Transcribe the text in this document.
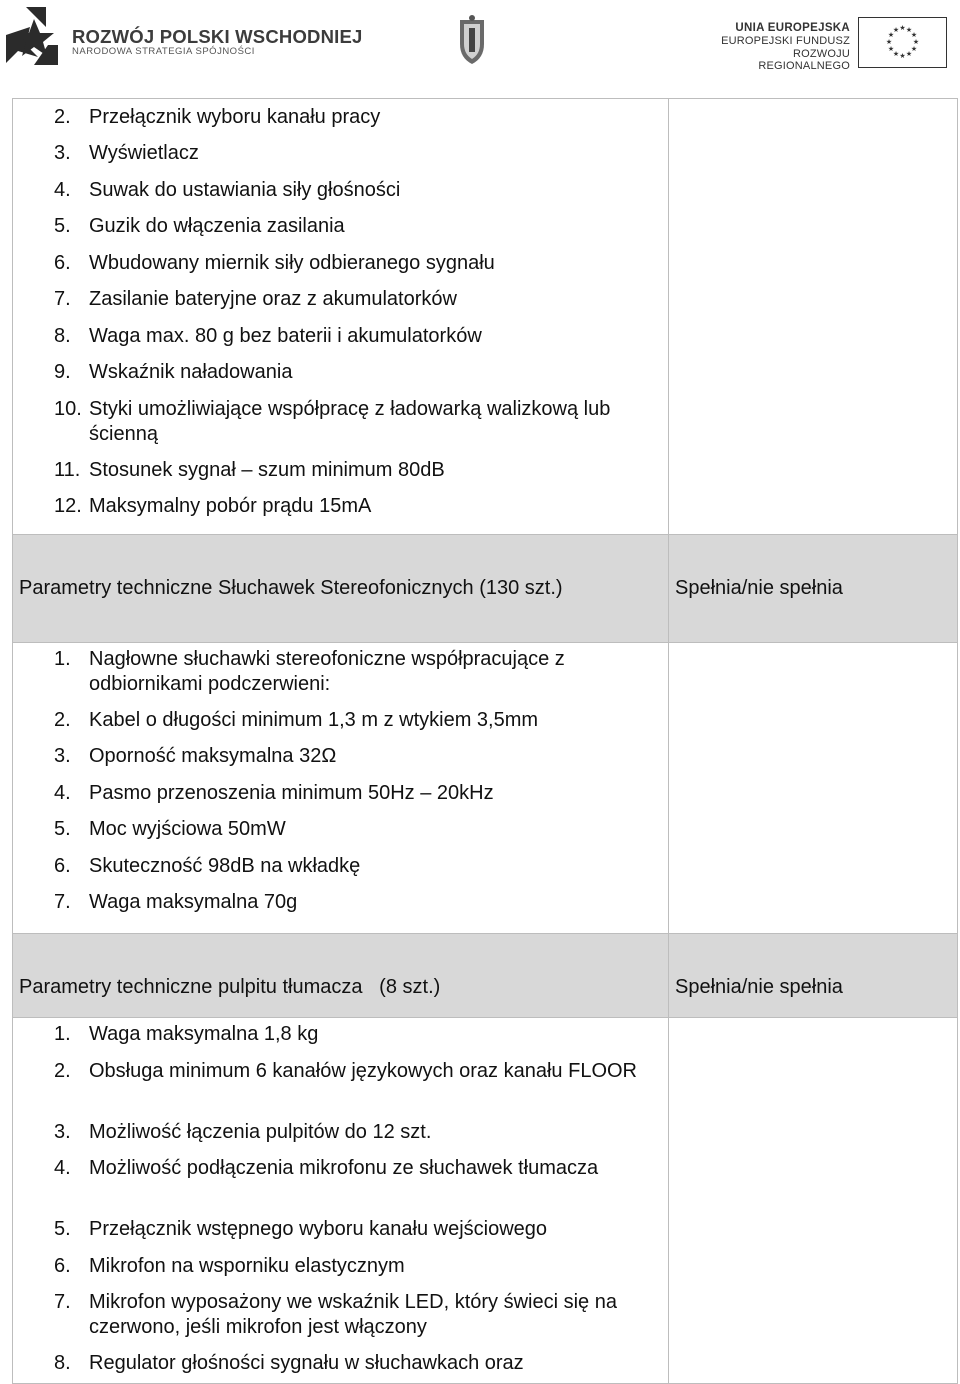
ROZWÓJ POLSKI WSCHODNIEJ
NARODOWA STRATEGIA SPÓJNOŚCI
UNIA EUROPEJSKA
EUROPEJSKI FUNDUSZ
ROZWOJU REGIONALNEGO
★ ★
★
★
★
★
★
★
★
★
★
★
2. Przełącznik wyboru kanału pracy
3. Wyświetlacz
4. Suwak do ustawiania siły głośności
5. Guzik do włączenia zasilania
6. Wbudowany miernik siły odbieranego sygnału
7. Zasilanie bateryjne oraz z akumulatorków
8. Waga max. 80 g bez baterii i akumulatorków
9. Wskaźnik naładowania
10. Styki umożliwiające współpracę z ładowarką walizkową lub ścienną
11. Stosunek sygnał – szum minimum 80dB
12. Maksymalny pobór prądu 15mA
Parametry techniczne Słuchawek Stereofonicznych (130 szt.)	Spełnia/nie spełnia
1. Nagłowne słuchawki stereofoniczne współpracujące z odbiornikami podczerwieni:
2. Kabel o długości minimum 1,3 m z wtykiem 3,5mm
3. Oporność maksymalna 32Ω
4. Pasmo przenoszenia minimum 50Hz – 20kHz
5. Moc wyjściowa 50mW
6. Skuteczność 98dB na wkładkę
7. Waga maksymalna 70g
Parametry techniczne pulpitu tłumacza   (8 szt.)	Spełnia/nie spełnia
1. Waga maksymalna 1,8 kg
2. Obsługa minimum 6 kanałów językowych oraz kanału FLOOR
3. Możliwość łączenia pulpitów do 12 szt.
4. Możliwość podłączenia mikrofonu ze słuchawek tłumacza
5. Przełącznik wstępnego wyboru kanału wejściowego
6. Mikrofon na wsporniku elastycznym
7. Mikrofon wyposażony we wskaźnik LED, który świeci się na czerwono, jeśli mikrofon jest włączony
8. Regulator głośności sygnału w słuchawkach oraz
